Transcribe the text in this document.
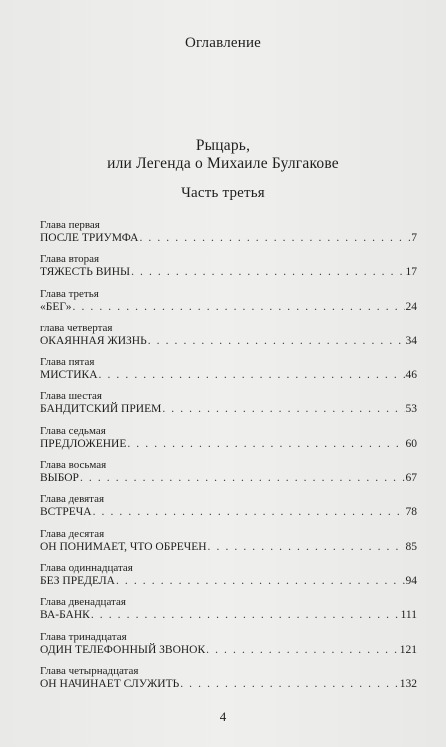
Оглавление
Рыцарь,
или Легенда о Михаиле Булгакове
Часть третья
Глава первая
ПОСЛЕ ТРИУМФА . . .	7
Глава вторая
ТЯЖЕСТЬ ВИНЫ . . .	17
Глава третья
«БЕГ» . . .	24
глава четвертая
ОКАЯННАЯ ЖИЗНЬ . . .	34
Глава пятая
МИСТИКА . . .	46
Глава шестая
БАНДИТСКИЙ ПРИЕМ . . .	53
Глава седьмая
ПРЕДЛОЖЕНИЕ . . .	60
Глава восьмая
ВЫБОР . . .	67
Глава девятая
ВСТРЕЧА . . .	78
Глава десятая
ОН ПОНИМАЕТ, ЧТО ОБРЕЧЕН . . .	85
Глава одиннадцатая
БЕЗ ПРЕДЕЛА . . .	94
Глава двенадцатая
ВА-БАНК . . .	111
Глава тринадцатая
ОДИН ТЕЛЕФОННЫЙ ЗВОНОК . . .	121
Глава четырнадцатая
ОН НАЧИНАЕТ СЛУЖИТЬ . . .	132
4
